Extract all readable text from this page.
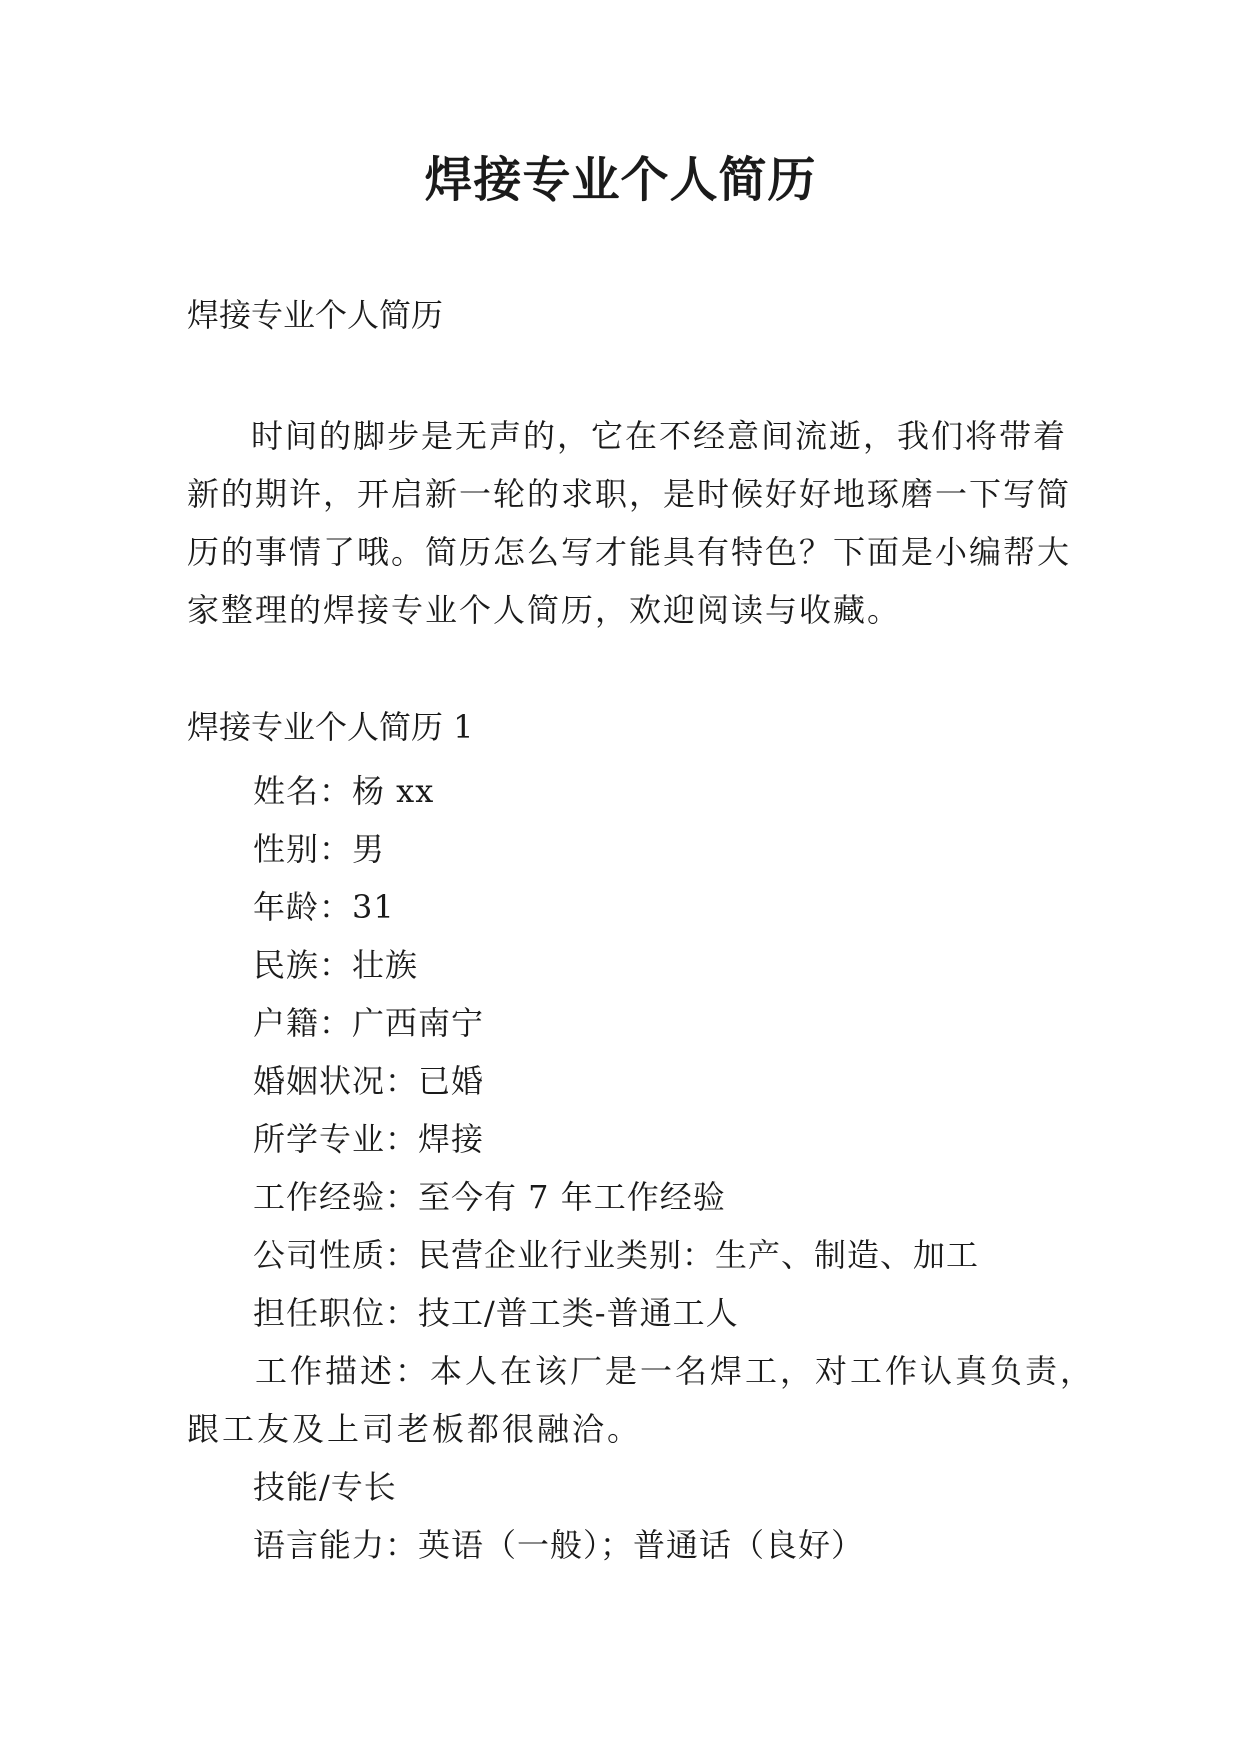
焊接专业个人简历
焊接专业个人简历
时间的脚步是无声的，它在不经意间流逝，我们将带着新的期许，开启新一轮的求职，是时候好好地琢磨一下写简历的事情了哦。简历怎么写才能具有特色？下面是小编帮大家整理的焊接专业个人简历，欢迎阅读与收藏。
焊接专业个人简历 1
姓名：杨 xx
性别：男
年龄：31
民族：壮族
户籍：广西南宁
婚姻状况：已婚
所学专业：焊接
工作经验：至今有 7 年工作经验
公司性质：民营企业行业类别：生产、制造、加工
担任职位：技工/普工类-普通工人
工作描述：本人在该厂是一名焊工，对工作认真负责，跟工友及上司老板都很融洽。
技能/专长
语言能力：英语（一般）；普通话（良好）
